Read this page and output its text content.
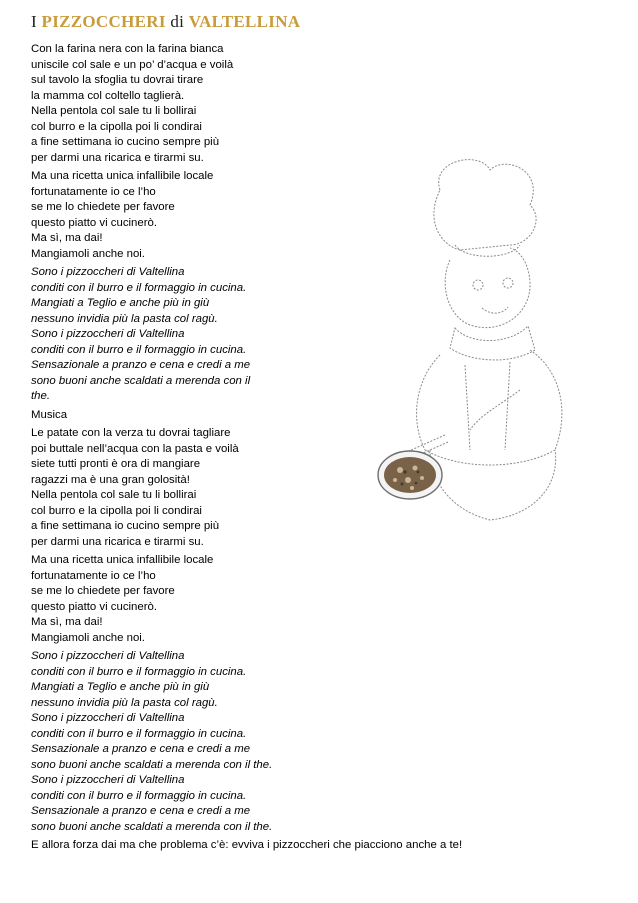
I PIZZOCCHERI di VALTELLINA
Con la farina nera con la farina bianca
uniscile col sale e un po’ d’acqua e voilà
sul tavolo la sfoglia tu dovrai tirare
la mamma col coltello taglierà.
Nella pentola col sale tu li bollirai
col burro e la cipolla poi li condirai
a fine settimana io cucino sempre più
per darmi una ricarica e tirarmi su.
Ma una ricetta unica infallibile locale
fortunatamente io ce l’ho
se me lo chiedete per favore
questo piatto vi cucinerò.
Ma sì, ma dai!
Mangiamoli anche noi.
Sono i pizzoccheri di Valtellina
conditi con il burro e il formaggio in cucina.
Mangiati a Teglio e anche più in giù
nessuno invidia più la pasta col ragù.
Sono i pizzoccheri di Valtellina
conditi con il burro e il formaggio in cucina.
Sensazionale a pranzo e cena e credi a me
sono buoni anche scaldati a merenda con il
the.
Musica
Le patate con la verza tu dovrai tagliare
poi buttale nell’acqua con la pasta e voilà
siete tutti pronti è ora di mangiare
ragazzi ma è una gran golosità!
Nella pentola col sale tu li bollirai
col burro e la cipolla poi li condirai
a fine settimana io cucino sempre più
per darmi una ricarica e tirarmi su.
Ma una ricetta unica infallibile locale
fortunatamente io ce l’ho
se me lo chiedete per favore
questo piatto vi cucinerò.
Ma sì, ma dai!
Mangiamoli anche noi.
Sono i pizzoccheri di Valtellina
conditi con il burro e il formaggio in cucina.
Mangiati a Teglio e anche più in giù
nessuno invidia più la pasta col ragù.
Sono i pizzoccheri di Valtellina
conditi con il burro e il formaggio in cucina.
Sensazionale a pranzo e cena e credi a me
sono buoni anche scaldati a merenda con il the.
Sono i pizzoccheri di Valtellina
conditi con il burro e il formaggio in cucina.
Sensazionale a pranzo e cena e credi a me
sono buoni anche scaldati a merenda con il the.
E allora forza dai ma che problema c’è: evviva i pizzoccheri che piacciono anche a te!
